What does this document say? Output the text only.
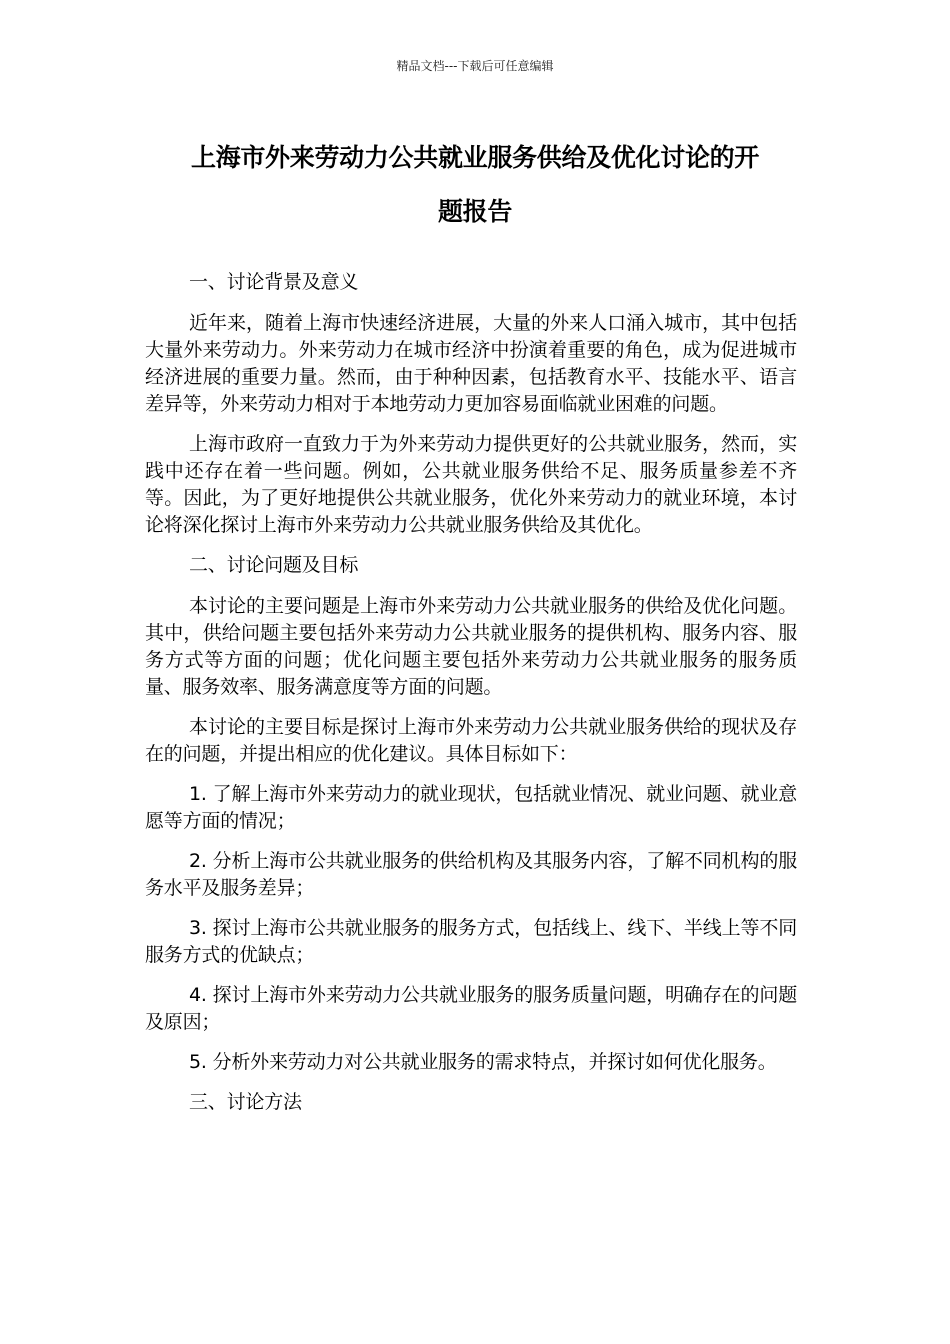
精品文档---下载后可任意编辑
上海市外来劳动力公共就业服务供给及优化讨论的开
题报告

一、讨论背景及意义

近年来，随着上海市快速经济进展，大量的外来人口涌入城市，其中包括大量外来劳动力。外来劳动力在城市经济中扮演着重要的角色，成为促进城市经济进展的重要力量。然而，由于种种因素，包括教育水平、技能水平、语言差异等，外来劳动力相对于本地劳动力更加容易面临就业困难的问题。

上海市政府一直致力于为外来劳动力提供更好的公共就业服务，然而，实践中还存在着一些问题。例如，公共就业服务供给不足、服务质量参差不齐等。因此，为了更好地提供公共就业服务，优化外来劳动力的就业环境，本讨论将深化探讨上海市外来劳动力公共就业服务供给及其优化。

二、讨论问题及目标

本讨论的主要问题是上海市外来劳动力公共就业服务的供给及优化问题。其中，供给问题主要包括外来劳动力公共就业服务的提供机构、服务内容、服务方式等方面的问题；优化问题主要包括外来劳动力公共就业服务的服务质量、服务效率、服务满意度等方面的问题。

本讨论的主要目标是探讨上海市外来劳动力公共就业服务供给的现状及存在的问题，并提出相应的优化建议。具体目标如下：

1. 了解上海市外来劳动力的就业现状，包括就业情况、就业问题、就业意愿等方面的情况；

2. 分析上海市公共就业服务的供给机构及其服务内容，了解不同机构的服务水平及服务差异；

3. 探讨上海市公共就业服务的服务方式，包括线上、线下、半线上等不同服务方式的优缺点；

4. 探讨上海市外来劳动力公共就业服务的服务质量问题，明确存在的问题及原因；

5. 分析外来劳动力对公共就业服务的需求特点，并探讨如何优化服务。

三、讨论方法
